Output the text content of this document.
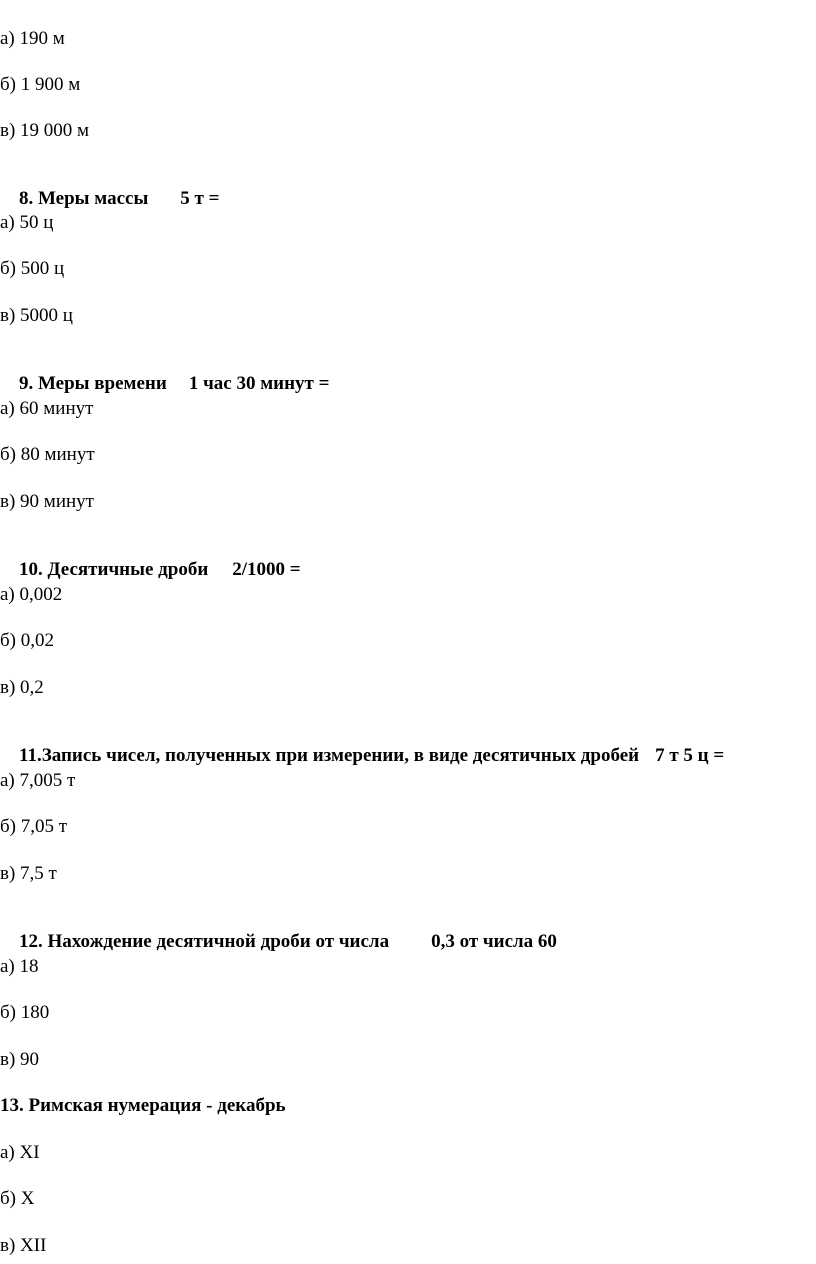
а) 190 м
б) 1 900 м
в) 19 000 м

8. Меры массы 5 т =

а) 50 ц
б) 500 ц
в) 5000 ц

9. Меры времени 1 час 30 минут =

а) 60 минут
б) 80 минут
в) 90 минут

10. Десятичные дроби 2/1000 =

а) 0,002
б) 0,02
в) 0,2

11.Запись чисел, полученных при измерении, в виде десятичных дробей 7 т 5 ц =

а) 7,005 т
б) 7,05 т
в) 7,5 т

12. Нахождение десятичной дроби от числа 0,3 от числа 60

а) 18
б) 180
в) 90
13. Римская нумерация - декабрь
а) XI
б) X
в) XII
